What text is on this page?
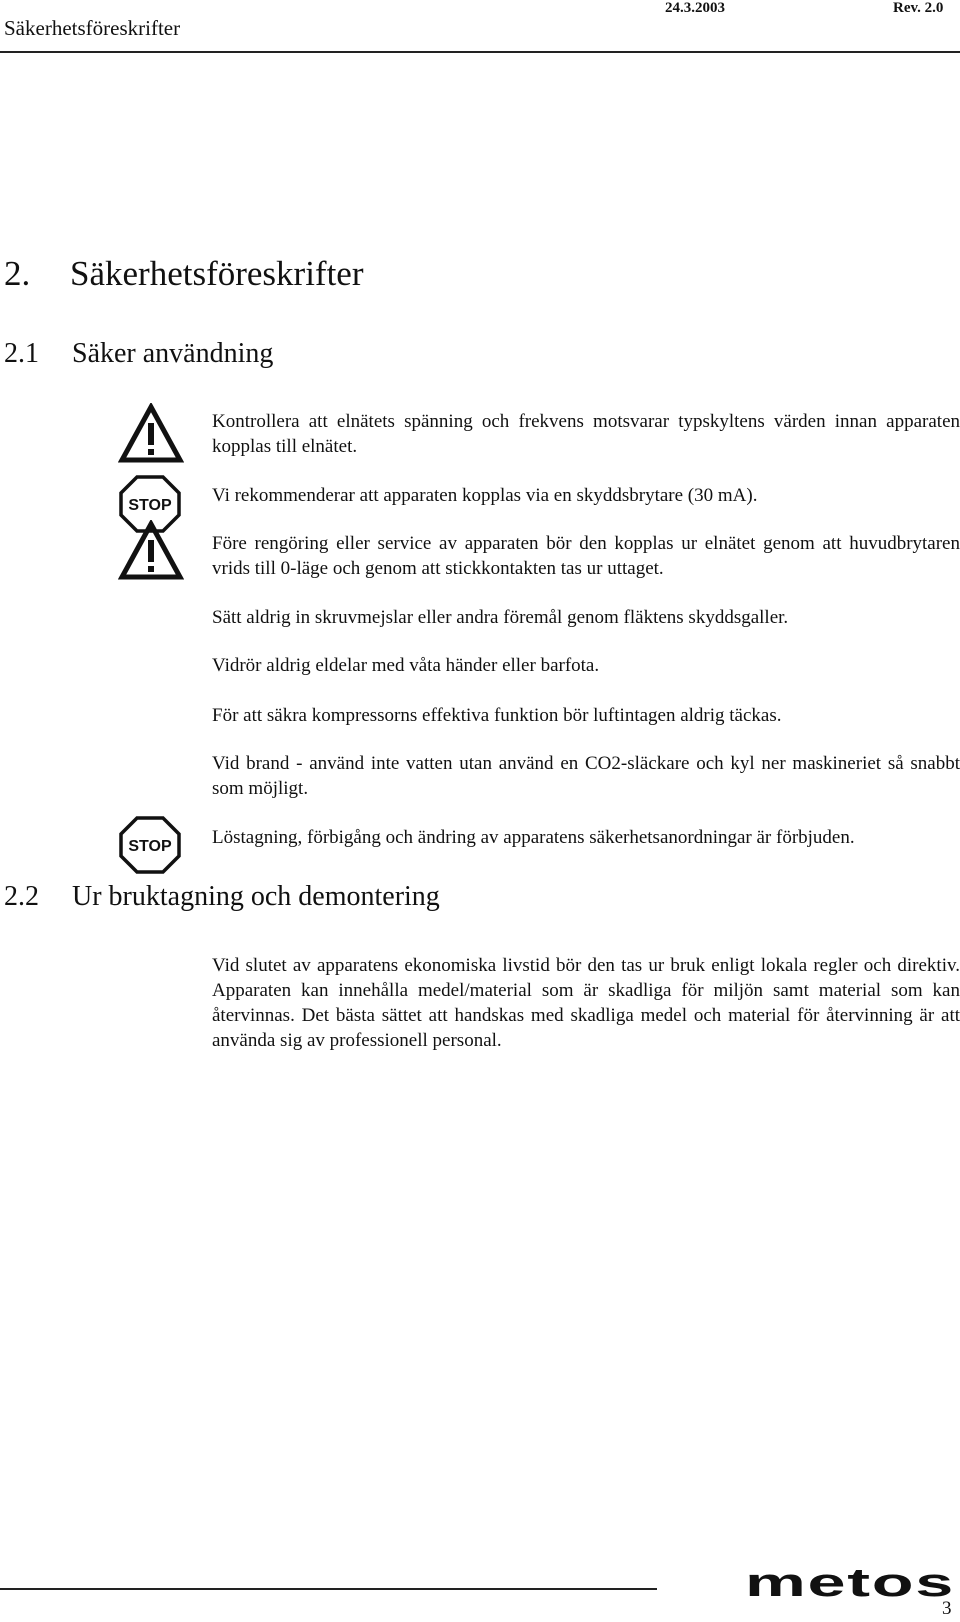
Säkerhetsföreskrifter
24.3.2003	Rev. 2.0
2. Säkerhetsföreskrifter
2.1 Säker användning
STOP
STOP
Kontrollera att elnätets spänning och frekvens motsvarar typskyltens värden innan apparaten kopplas till elnätet.
Vi rekommenderar att apparaten kopplas via en skyddsbrytare (30 mA).
Före rengöring eller service av apparaten bör den kopplas ur elnätet genom att huvudbrytaren vrids till 0-läge och genom att stickkontakten tas ur uttaget.
Sätt aldrig in skruvmejslar eller andra föremål genom fläktens skyddsgaller.
Vidrör aldrig eldelar med våta händer eller barfota.
För att säkra kompressorns effektiva funktion bör luftintagen aldrig täckas.
Vid brand - använd inte vatten utan använd en CO2-släckare och kyl ner maskineriet så snabbt som möjligt.
Löstagning, förbigång och ändring av apparatens säkerhetsanordningar är förbjuden.
2.2 Ur bruktagning och demontering
Vid slutet av apparatens ekonomiska livstid bör den tas ur bruk enligt lokala regler och direktiv. Apparaten kan innehålla medel/material som är skadliga för miljön samt material som kan återvinnas. Det bästa sättet att handskas med skadliga medel och material för återvinning är att använda sig av professionell personal.
metos
3
